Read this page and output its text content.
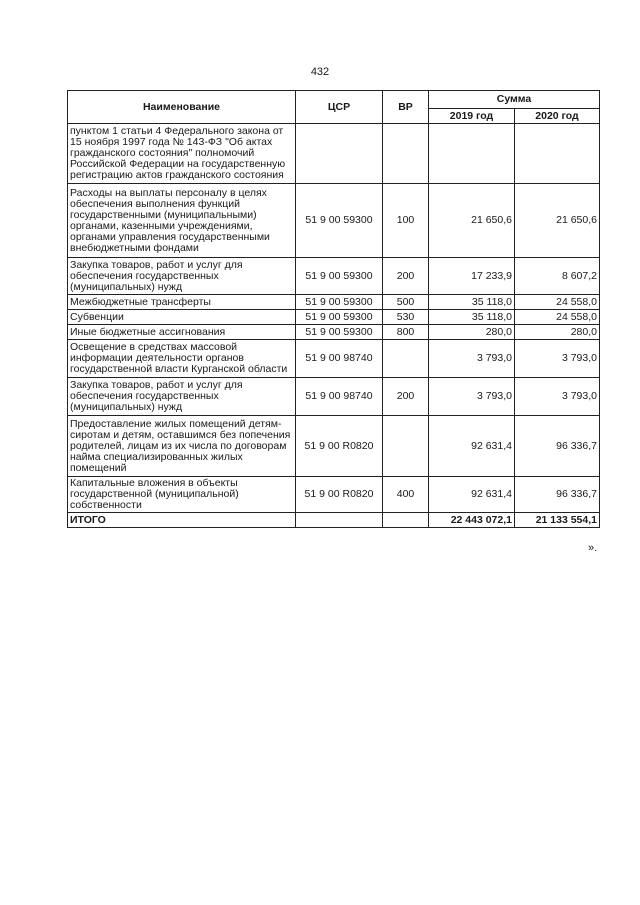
432
Наименование	ЦСР	ВР	Сумма	
			2019 год	2020 год
пунктом 1 статьи 4 Федерального закона от 15 ноября 1997 года № 143-ФЗ "Об актах гражданского состояния" полномочий Российской Федерации на государственную регистрацию актов гражданского состояния				
Расходы на выплаты персоналу в целях обеспечения выполнения функций государственными (муниципальными) органами, казенными учреждениями, органами управления государственными внебюджетными фондами	51 9 00 59300	100	21 650,6	21 650,6
Закупка товаров, работ и услуг для обеспечения государственных (муниципальных) нужд	51 9 00 59300	200	17 233,9	8 607,2
Межбюджетные трансферты	51 9 00 59300	500	35 118,0	24 558,0
Субвенции	51 9 00 59300	530	35 118,0	24 558,0
Иные бюджетные ассигнования	51 9 00 59300	800	280,0	280,0
Освещение в средствах массовой информации деятельности органов государственной власти Курганской области	51 9 00 98740		3 793,0	3 793,0
Закупка товаров, работ и услуг для обеспечения государственных (муниципальных) нужд	51 9 00 98740	200	3 793,0	3 793,0
Предоставление жилых помещений детям-сиротам и детям, оставшимся без попечения родителей, лицам из их числа по договорам найма специализированных жилых помещений	51 9 00 R0820		92 631,4	96 336,7
Капитальные вложения в объекты государственной (муниципальной) собственности	51 9 00 R0820	400	92 631,4	96 336,7
ИТОГО			22 443 072,1	21 133 554,1
».
